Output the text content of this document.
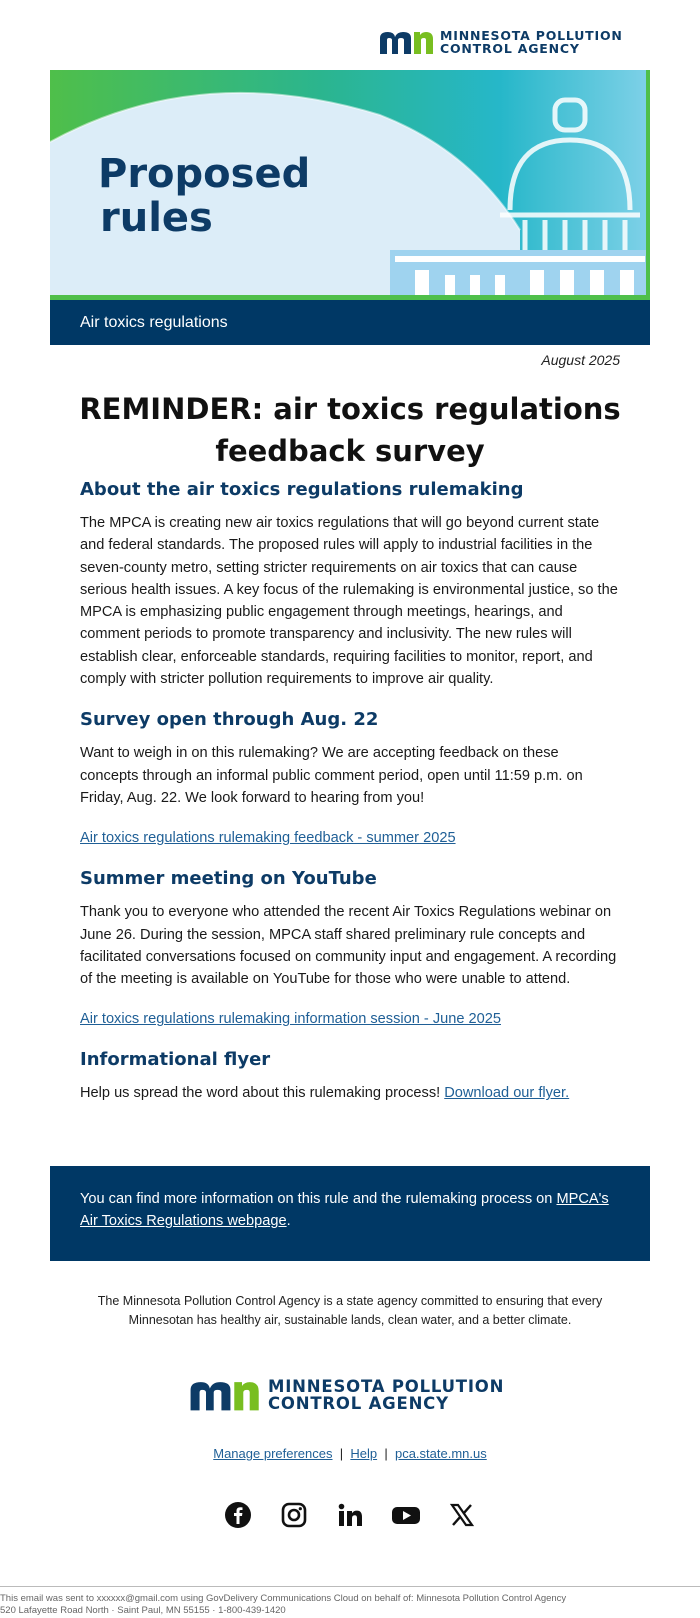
MINNESOTA POLLUTION
CONTROL AGENCY
Proposed
rules
Air toxics regulations
August 2025
REMINDER: air toxics regulations feedback survey
About the air toxics regulations rulemaking

The MPCA is creating new air toxics regulations that will go beyond current state and federal standards. The proposed rules will apply to industrial facilities in the seven-county metro, setting stricter requirements on air toxics that can cause serious health issues. A key focus of the rulemaking is environmental justice, so the MPCA is emphasizing public engagement through meetings, hearings, and comment periods to promote transparency and inclusivity. The new rules will establish clear, enforceable standards, requiring facilities to monitor, report, and comply with stricter pollution requirements to improve air quality.

Survey open through Aug. 22

Want to weigh in on this rulemaking? We are accepting feedback on these concepts through an informal public comment period, open until 11:59 p.m. on Friday, Aug. 22. We look forward to hearing from you!

Air toxics regulations rulemaking feedback - summer 2025
Summer meeting on YouTube

Thank you to everyone who attended the recent Air Toxics Regulations webinar on June 26. During the session, MPCA staff shared preliminary rule concepts and facilitated conversations focused on community input and engagement. A recording of the meeting is available on YouTube for those who were unable to attend.

Air toxics regulations rulemaking information session - June 2025
Informational flyer

Help us spread the word about this rulemaking process! Download our flyer.

You can find more information on this rule and the rulemaking process on MPCA's Air Toxics Regulations webpage.
The Minnesota Pollution Control Agency is a state agency committed to ensuring that every Minnesotan has healthy air, sustainable lands, clean water, and a better climate.
MINNESOTA POLLUTION
CONTROL AGENCY
Manage preferences | Help | pca.state.mn.us
This email was sent to xxxxxx@gmail.com using GovDelivery Communications Cloud on behalf of: Minnesota Pollution Control Agency
520 Lafayette Road North · Saint Paul, MN 55155 · 1-800-439-1420
